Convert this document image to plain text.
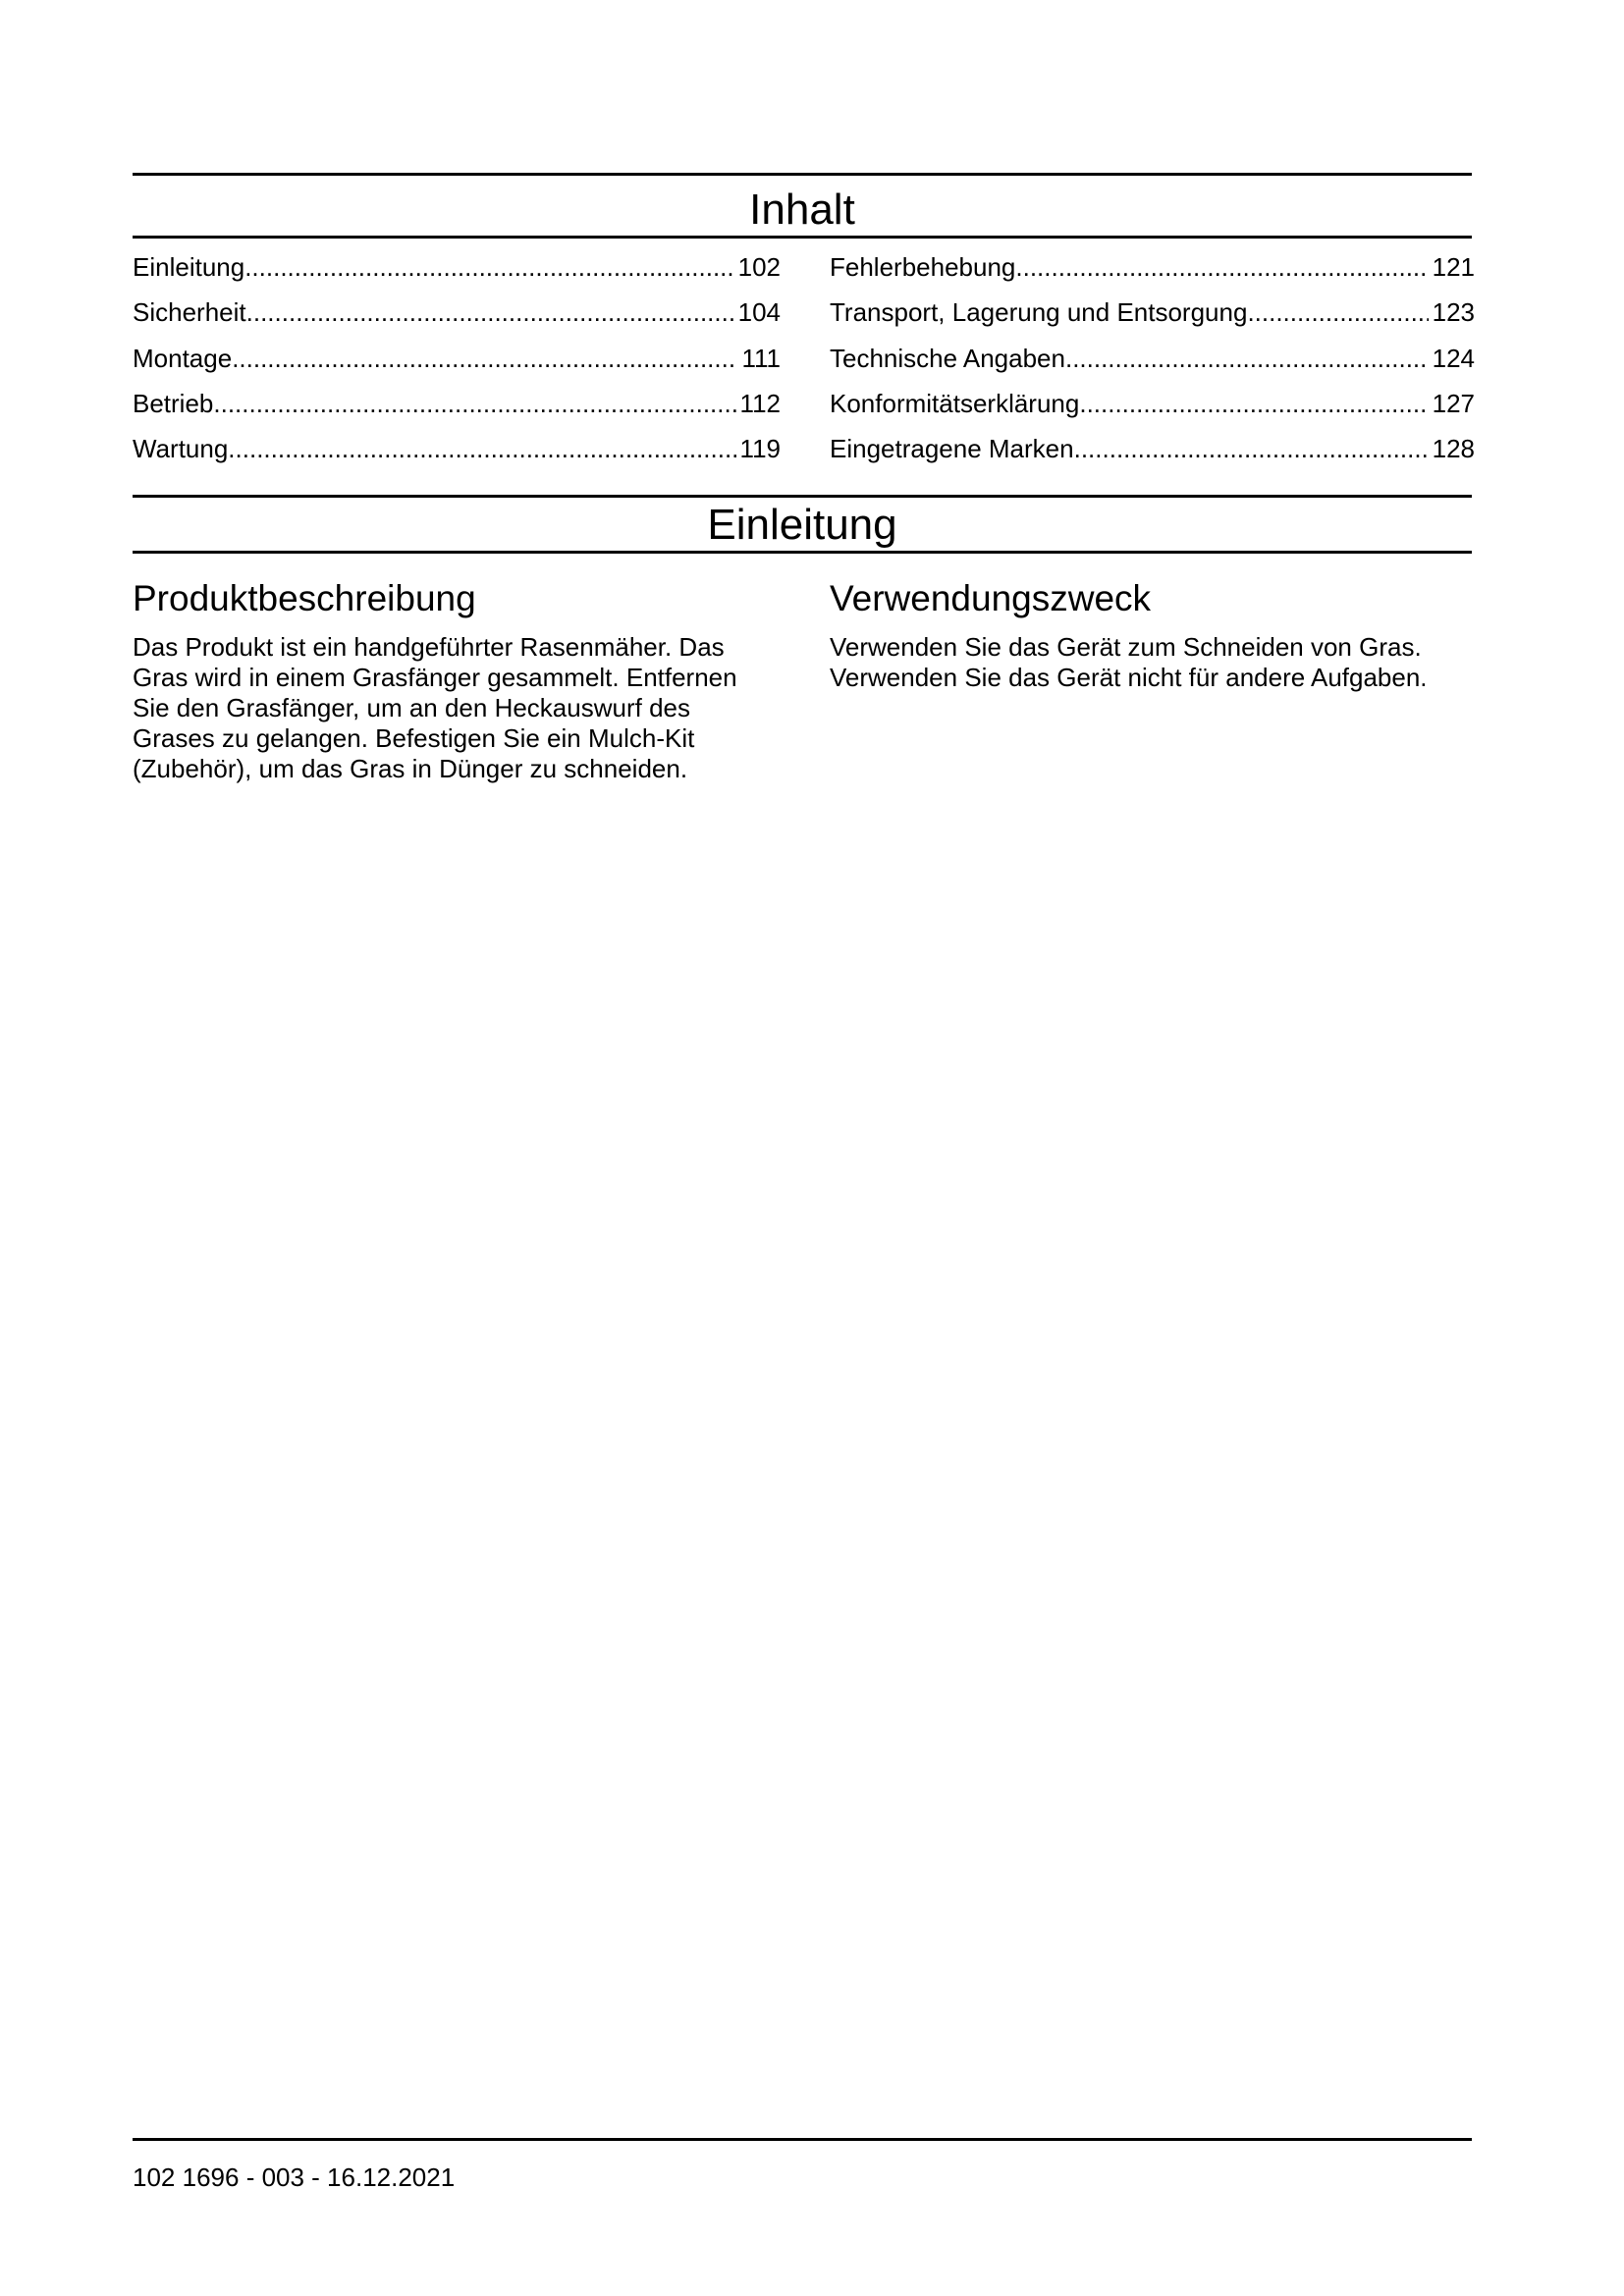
Inhalt
Einleitung .....	102
Sicherheit .....	104
Montage .....	111
Betrieb .....	112
Wartung .....	119
Fehlerbehebung .....	121
Transport, Lagerung und Entsorgung .....	123
Technische Angaben .....	124
Konformitätserklärung .....	127
Eingetragene Marken .....	128
Einleitung
Produktbeschreibung

Das Produkt ist ein handgeführter Rasenmäher. Das
Gras wird in einem Grasfänger gesammelt. Entfernen
Sie den Grasfänger, um an den Heckauswurf des
Grases zu gelangen. Befestigen Sie ein Mulch-Kit
(Zubehör), um das Gras in Dünger zu schneiden.

Verwendungszweck

Verwenden Sie das Gerät zum Schneiden von Gras.
Verwenden Sie das Gerät nicht für andere Aufgaben.

102 1696 - 003 - 16.12.2021
